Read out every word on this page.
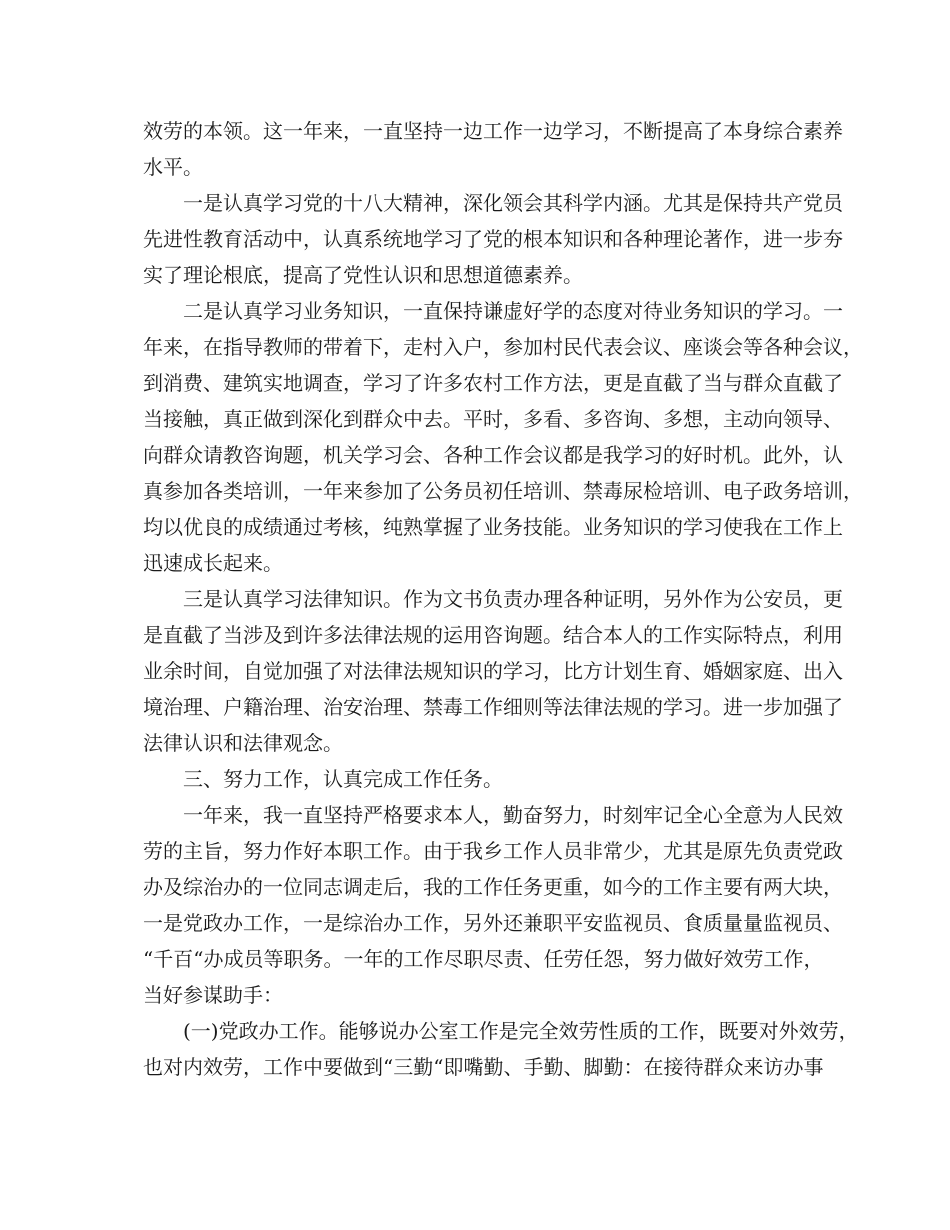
效劳的本领。这一年来，一直坚持一边工作一边学习，不断提高了本身综合素养
水平。
一是认真学习党的十八大精神，深化领会其科学内涵。尤其是保持共产党员
先进性教育活动中，认真系统地学习了党的根本知识和各种理论著作，进一步夯
实了理论根底，提高了党性认识和思想道德素养。
二是认真学习业务知识，一直保持谦虚好学的态度对待业务知识的学习。一
年来，在指导教师的带着下，走村入户，参加村民代表会议、座谈会等各种会议，
到消费、建筑实地调查，学习了许多农村工作方法，更是直截了当与群众直截了
当接触，真正做到深化到群众中去。平时，多看、多咨询、多想，主动向领导、
向群众请教咨询题，机关学习会、各种工作会议都是我学习的好时机。此外，认
真参加各类培训，一年来参加了公务员初任培训、禁毒尿检培训、电子政务培训，
均以优良的成绩通过考核，纯熟掌握了业务技能。业务知识的学习使我在工作上
迅速成长起来。
三是认真学习法律知识。作为文书负责办理各种证明，另外作为公安员，更
是直截了当涉及到许多法律法规的运用咨询题。结合本人的工作实际特点，利用
业余时间，自觉加强了对法律法规知识的学习，比方计划生育、婚姻家庭、出入
境治理、户籍治理、治安治理、禁毒工作细则等法律法规的学习。进一步加强了
法律认识和法律观念。
三、努力工作，认真完成工作任务。
一年来，我一直坚持严格要求本人，勤奋努力，时刻牢记全心全意为人民效
劳的主旨，努力作好本职工作。由于我乡工作人员非常少，尤其是原先负责党政
办及综治办的一位同志调走后，我的工作任务更重，如今的工作主要有两大块，
一是党政办工作，一是综治办工作，另外还兼职平安监视员、食质量量监视员、
“千百“办成员等职务。一年的工作尽职尽责、任劳任怨，努力做好效劳工作，
当好参谋助手：
(一)党政办工作。能够说办公室工作是完全效劳性质的工作，既要对外效劳，
也对内效劳，工作中要做到“三勤“即嘴勤、手勤、脚勤：在接待群众来访办事
